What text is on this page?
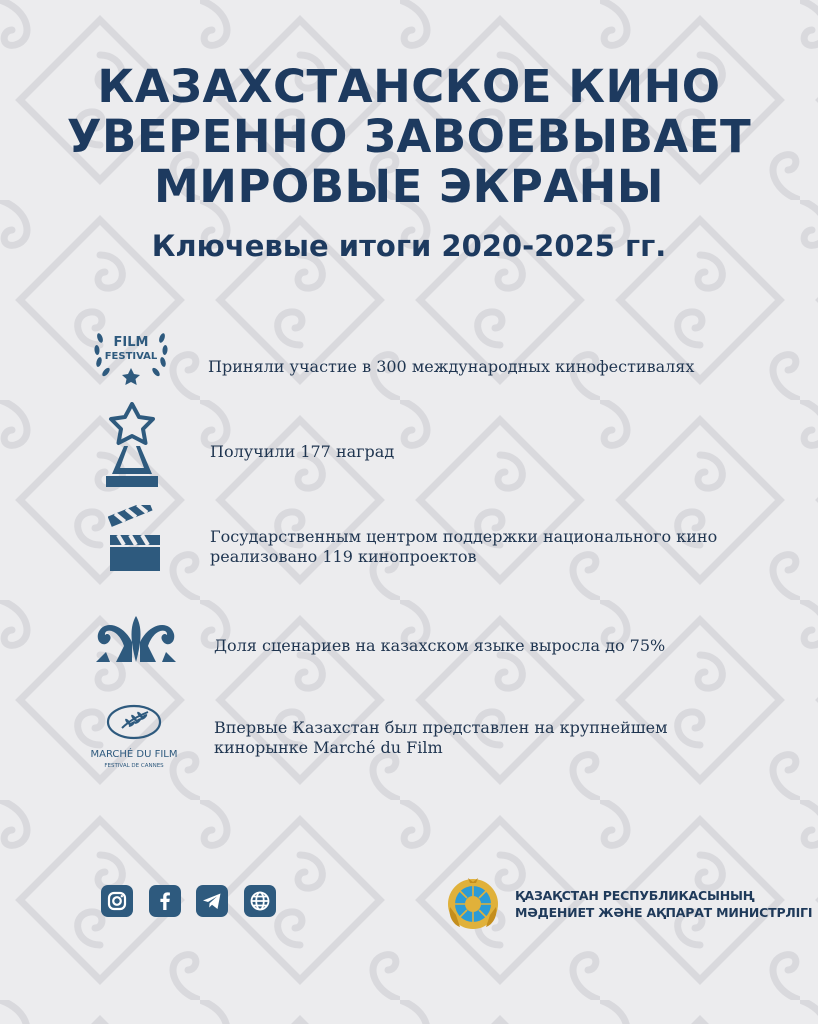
КАЗАХСТАНСКОЕ КИНО
УВЕРЕННО ЗАВОЕВЫВАЕТ
МИРОВЫЕ ЭКРАНЫ
Ключевые итоги 2020-2025 гг.
FILM
FESTIVAL
Приняли участие в 300 международных кинофестивалях
Получили 177 наград
Государственным центром поддержки национального кино
реализовано 119 кинопроектов
Доля сценариев на казахском языке выросла до 75%
MARCHÉ DU FILM
FESTIVAL DE CANNES
Впервые Казахстан был представлен на крупнейшем
кинорынке Marché du Film
ҚАЗАҚСТАН РЕСПУБЛИКАСЫНЫҢ
МӘДЕНИЕТ ЖӘНЕ АҚПАРАТ МИНИСТРЛІГІ
